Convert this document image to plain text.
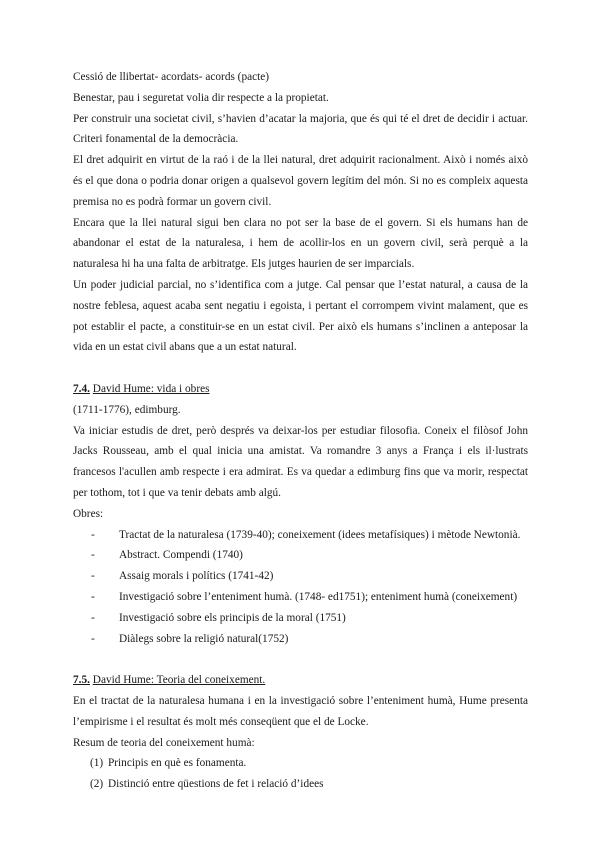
Cessió de llibertat- acordats- acords (pacte)

Benestar, pau i seguretat volia dir respecte a la propietat.

Per construir una societat civil, s’havien d’acatar la majoria, que és qui té el dret de decidir i actuar. Criteri fonamental de la democràcia.

El dret adquirit en virtut de la raó i de la llei natural, dret adquirit racionalment. Això i només això és el que dona o podria donar origen a qualsevol govern legítim del món. Si no es compleix aquesta premisa no es podrà formar un govern civil.

Encara que la llei natural sigui ben clara no pot ser la base de el govern. Si els humans han de abandonar el estat de la naturalesa, i hem de acollir-los en un govern civil, serà perquè a la naturalesa hi ha una falta de arbitratge. Els jutges haurien de ser imparcials.

Un poder judicial parcial, no s’identifica com a jutge. Cal pensar que l’estat natural, a causa de la nostre feblesa, aquest acaba sent negatiu i egoista, i pertant el corrompem vivint malament, que es pot establir el pacte, a constituir-se en un estat civil. Per això els humans s’inclinen a anteposar la vida en un estat civil abans que a un estat natural.

7.4. David Hume: vida i obres

(1711-1776), edimburg.

Va iniciar estudis de dret, però després va deixar-los per estudiar filosofia. Coneix el filòsof John Jacks Rousseau, amb el qual inicia una amistat. Va romandre 3 anys a França i els il·lustrats francesos l'acullen amb respecte i era admirat. Es va quedar a edimburg fins que va morir, respectat per tothom, tot i que va tenir debats amb algú.

Obres:

- Tractat de la naturalesa (1739-40); coneixement (idees metafísiques) i mètode Newtonià.
- Abstract. Compendi (1740)
- Assaig morals i polítics (1741-42)
- Investigació sobre l’enteniment humà. (1748- ed1751); enteniment humà (coneixement)
- Investigació sobre els principis de la moral (1751)
- Diàlegs sobre la religió natural(1752)

7.5. David Hume: Teoria del coneixement.

En el tractat de la naturalesa humana i en la investigació sobre l’enteniment humà, Hume presenta l’empirisme i el resultat és molt més conseqüent que el de Locke.

Resum de teoria del coneixement humà:

(1) Principis en què es fonamenta.
(2) Distinció entre qüestions de fet i relació d’idees
